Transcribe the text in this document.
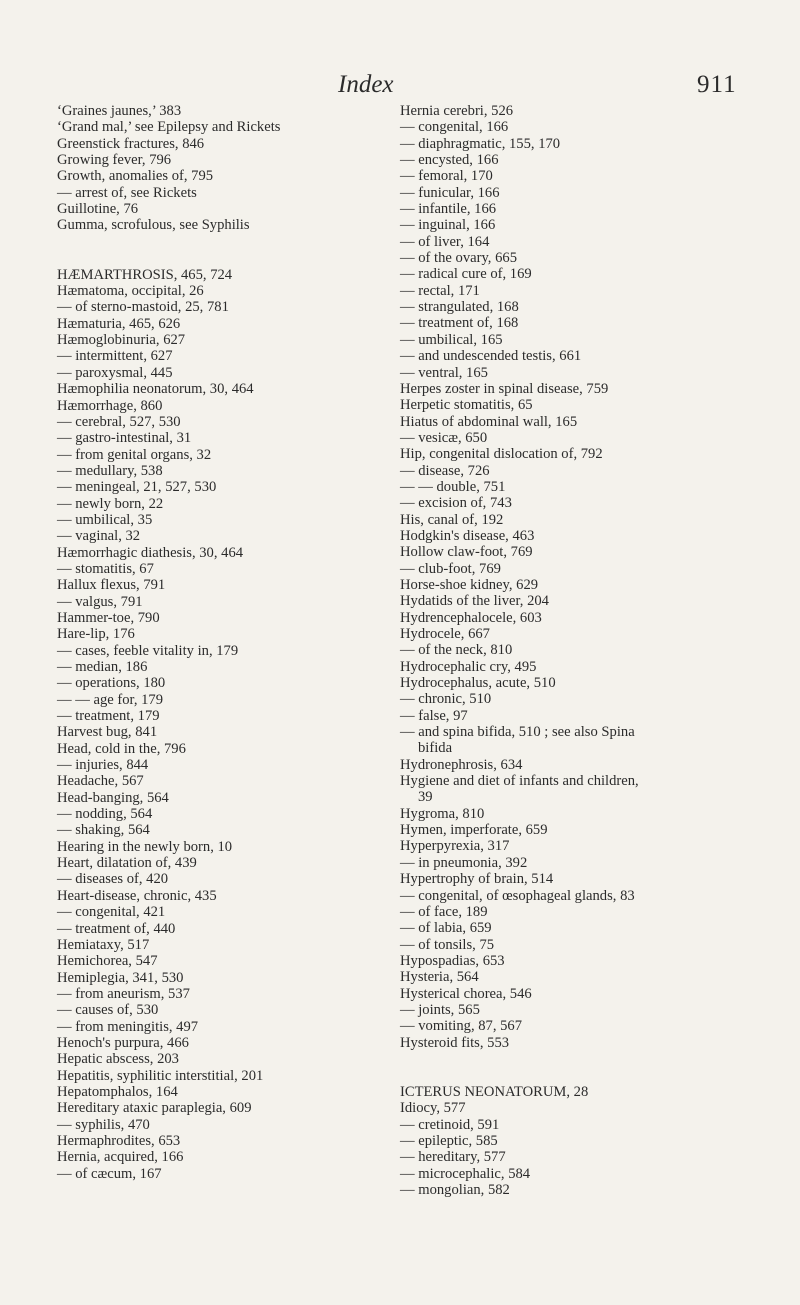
Index	911
‘Graines jaunes,’ 383
‘Grand mal,’ see Epilepsy and Rickets
Greenstick fractures, 846
Growing fever, 796
Growth, anomalies of, 795
— arrest of, see Rickets
Guillotine, 76
Gumma, scrofulous, see Syphilis
HÆMARTHROSIS, 465, 724
Hæmatoma, occipital, 26
— of sterno-mastoid, 25, 781
Hæmaturia, 465, 626
Hæmoglobinuria, 627
— intermittent, 627
— paroxysmal, 445
Hæmophilia neonatorum, 30, 464
Hæmorrhage, 860
— cerebral, 527, 530
— gastro-intestinal, 31
— from genital organs, 32
— medullary, 538
— meningeal, 21, 527, 530
— newly born, 22
— umbilical, 35
— vaginal, 32
Hæmorrhagic diathesis, 30, 464
— stomatitis, 67
Hallux flexus, 791
— valgus, 791
Hammer-toe, 790
Hare-lip, 176
— cases, feeble vitality in, 179
— median, 186
— operations, 180
— — age for, 179
— treatment, 179
Harvest bug, 841
Head, cold in the, 796
— injuries, 844
Headache, 567
Head-banging, 564
— nodding, 564
— shaking, 564
Hearing in the newly born, 10
Heart, dilatation of, 439
— diseases of, 420
Heart-disease, chronic, 435
— congenital, 421
— treatment of, 440
Hemiataxy, 517
Hemichorea, 547
Hemiplegia, 341, 530
— from aneurism, 537
— causes of, 530
— from meningitis, 497
Henoch's purpura, 466
Hepatic abscess, 203
Hepatitis, syphilitic interstitial, 201
Hepatomphalos, 164
Hereditary ataxic paraplegia, 609
— syphilis, 470
Hermaphrodites, 653
Hernia, acquired, 166
— of cæcum, 167
Hernia cerebri, 526
— congenital, 166
— diaphragmatic, 155, 170
— encysted, 166
— femoral, 170
— funicular, 166
— infantile, 166
— inguinal, 166
— of liver, 164
— of the ovary, 665
— radical cure of, 169
— rectal, 171
— strangulated, 168
— treatment of, 168
— umbilical, 165
— and undescended testis, 661
— ventral, 165
Herpes zoster in spinal disease, 759
Herpetic stomatitis, 65
Hiatus of abdominal wall, 165
— vesicæ, 650
Hip, congenital dislocation of, 792
— disease, 726
— — double, 751
— excision of, 743
His, canal of, 192
Hodgkin's disease, 463
Hollow claw-foot, 769
— club-foot, 769
Horse-shoe kidney, 629
Hydatids of the liver, 204
Hydrencephalocele, 603
Hydrocele, 667
— of the neck, 810
Hydrocephalic cry, 495
Hydrocephalus, acute, 510
— chronic, 510
— false, 97
— and spina bifida, 510 ; see also Spina
bifida
Hydronephrosis, 634
Hygiene and diet of infants and children,
39
Hygroma, 810
Hymen, imperforate, 659
Hyperpyrexia, 317
— in pneumonia, 392
Hypertrophy of brain, 514
— congenital, of œsophageal glands, 83
— of face, 189
— of labia, 659
— of tonsils, 75
Hypospadias, 653
Hysteria, 564
Hysterical chorea, 546
— joints, 565
— vomiting, 87, 567
Hysteroid fits, 553
ICTERUS NEONATORUM, 28
Idiocy, 577
— cretinoid, 591
— epileptic, 585
— hereditary, 577
— microcephalic, 584
— mongolian, 582
